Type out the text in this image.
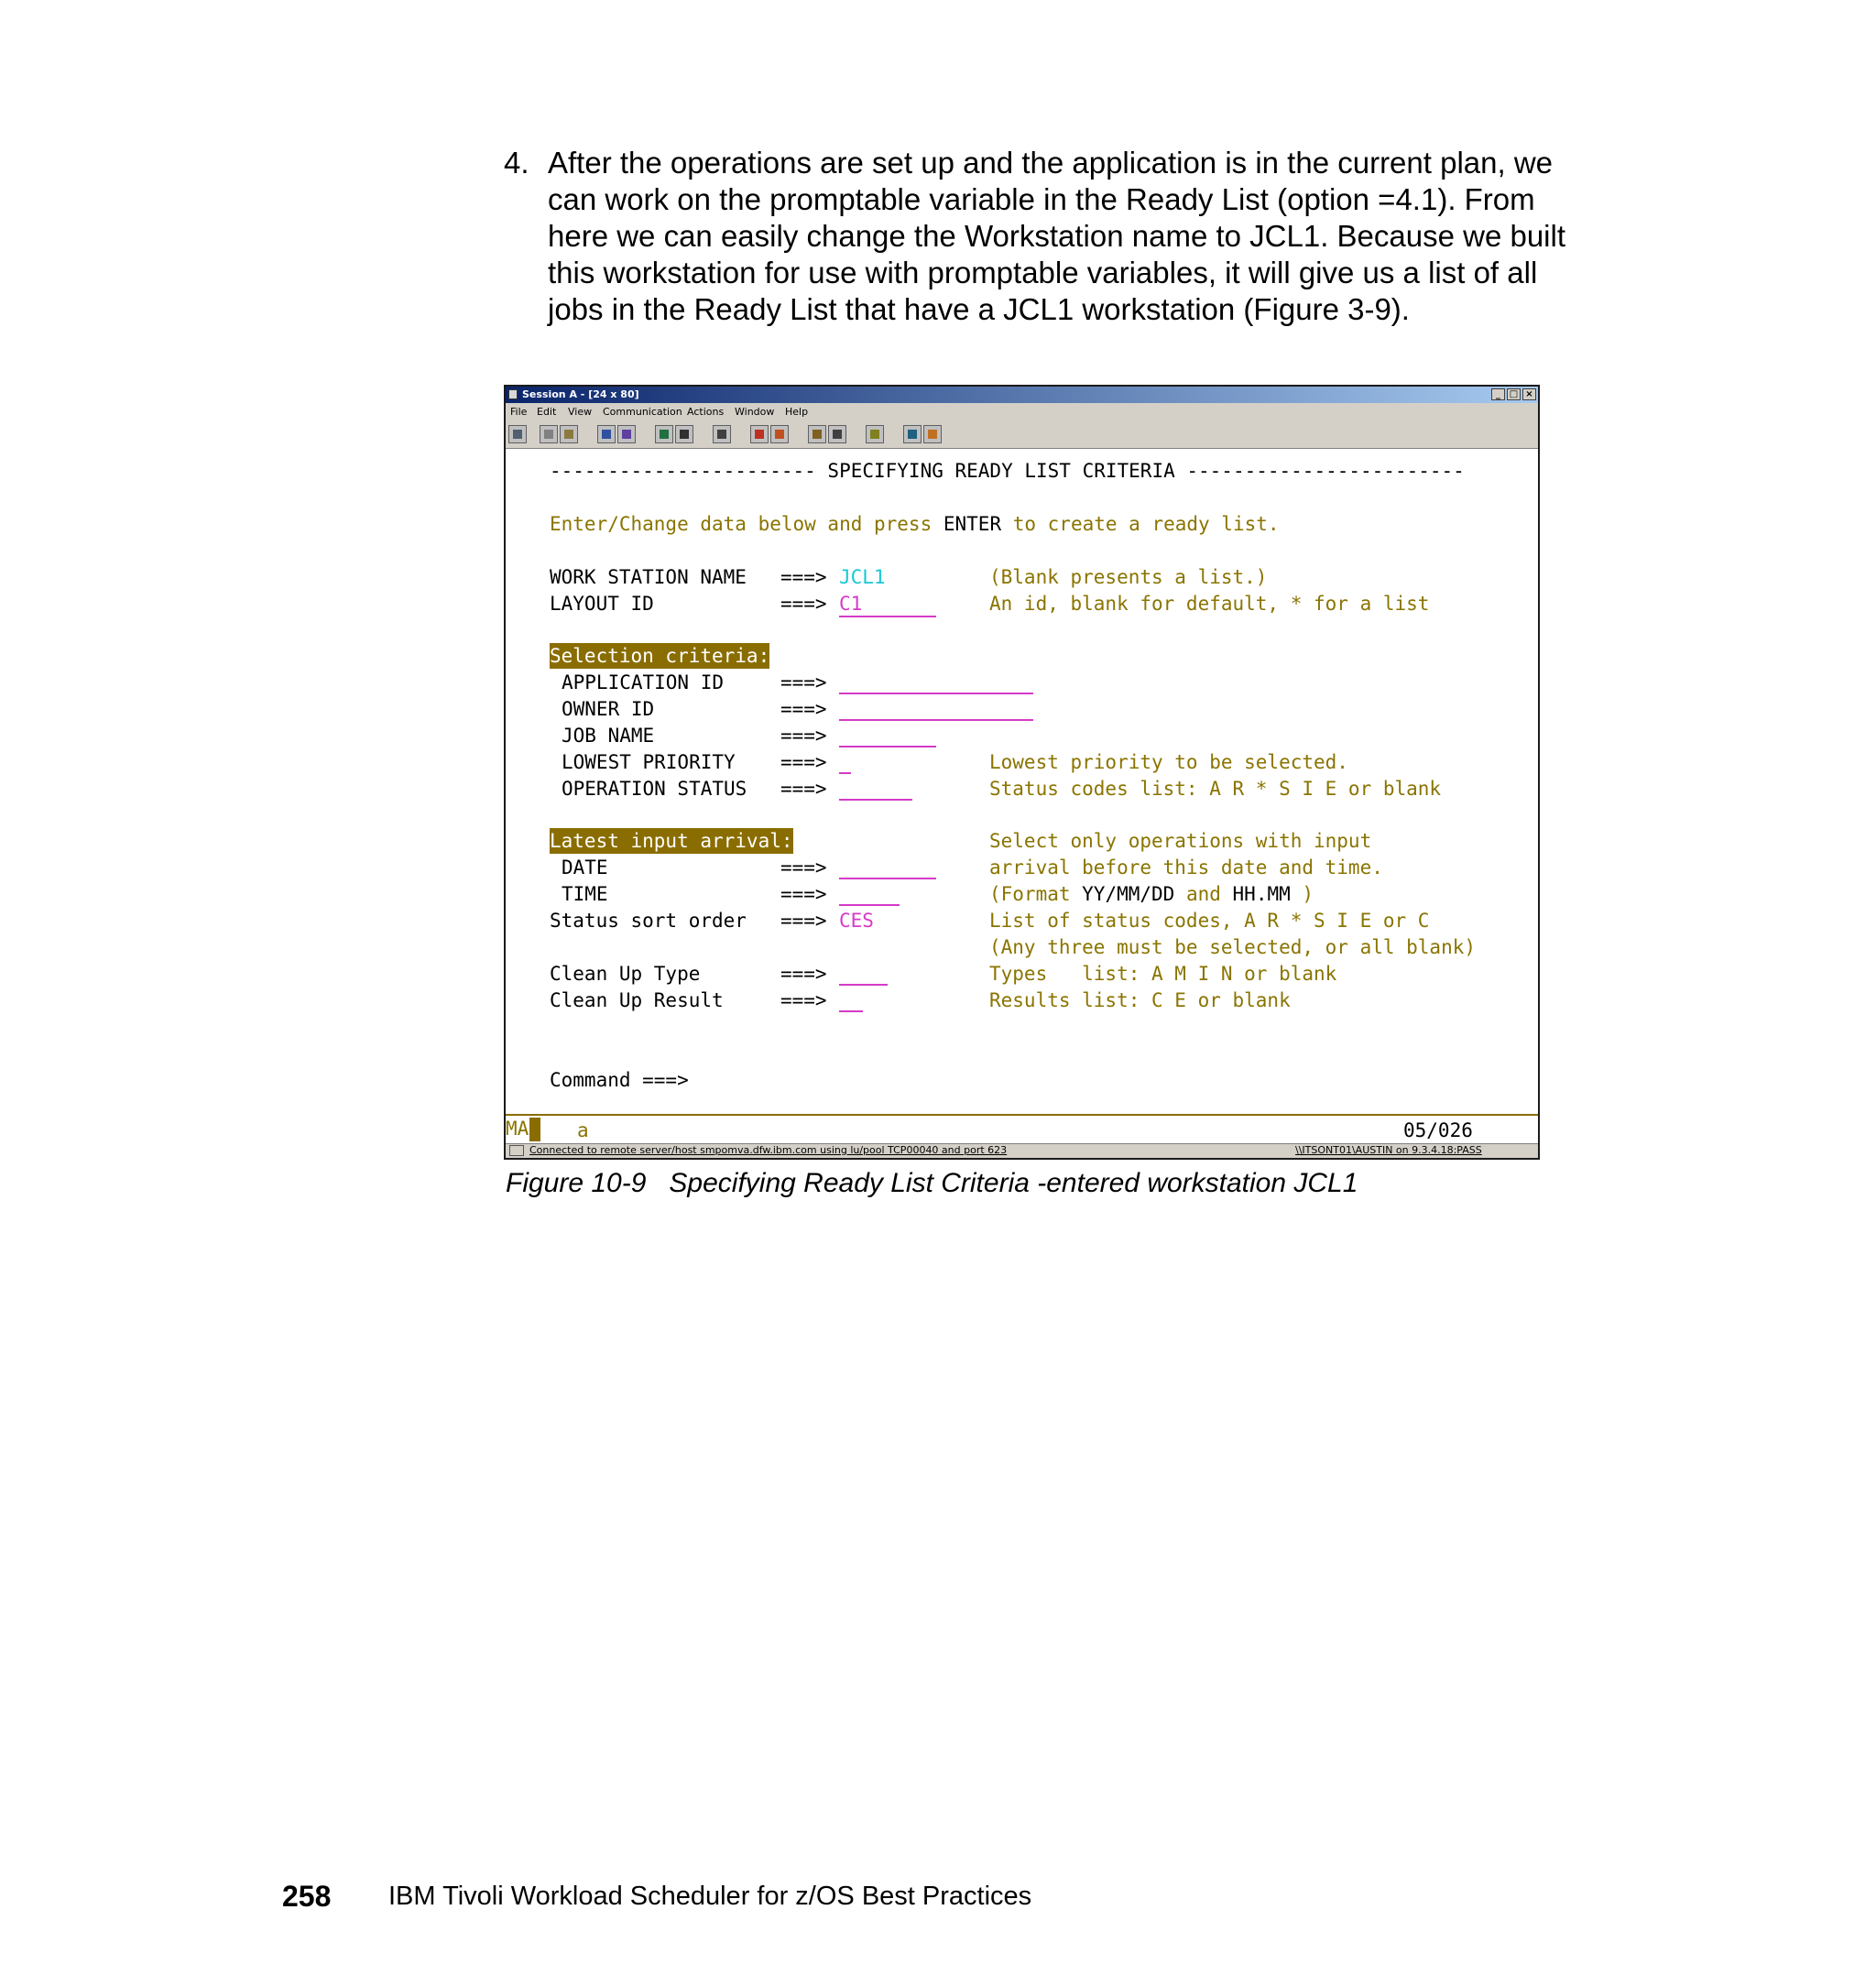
4. After the operations are set up and the application is in the current plan, we
can work on the promptable variable in the Ready List (option =4.1). From
here we can easily change the Workstation name to JCL1. Because we built
this workstation for use with promptable variables, it will give us a list of all
jobs in the Ready List that have a JCL1 workstation (Figure 3-9).
Session A - [24 x 80]	_ □ ×
File Edit View Communication Actions Window Help
----------------------- SPECIFYING READY LIST CRITERIA ------------------------
Enter/Change data below and press ENTER to create a ready list.
WORK STATION NAME ===> JCL1	(Blank presents a list.)
LAYOUT ID	===> C1	An id, blank for default, * for a list
Selection criteria:
APPLICATION ID	===>
OWNER ID	===>
JOB NAME	===>
LOWEST PRIORITY ===>	Lowest priority to be selected.
OPERATION STATUS ===>	Status codes list: A R * S I E or blank
Latest input arrival:	Select only operations with input
DATE	===>	arrival before this date and time.
TIME	===>	(Format YY/MM/DD and HH.MM )
Status sort order ===> CES	List of status codes, A R * S I E or C
(Any three must be selected, or all blank)
Clean Up Type	===>	Types   list: A M I N or blank
Clean Up Result	===>	Results list: C E or blank
Command ===>
MA	a	05/026
Connected to remote server/host smpomva.dfw.ibm.com using lu/pool TCP00040 and port 623	\\ITSONT01\AUSTIN on 9.3.4.18:PASS
Figure 10-9   Specifying Ready List Criteria -entered workstation JCL1
258 IBM Tivoli Workload Scheduler for z/OS Best Practices
